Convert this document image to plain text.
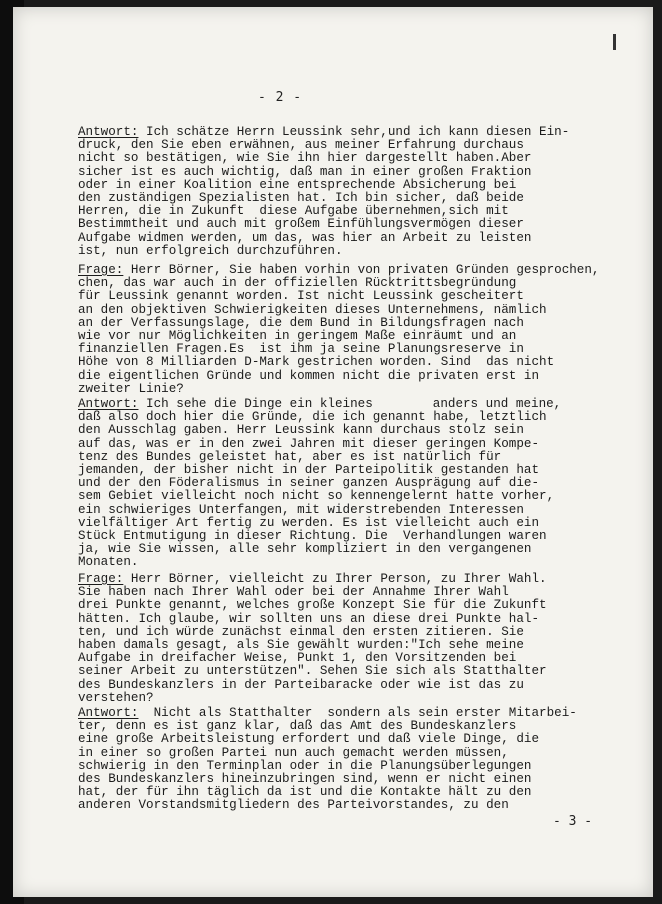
- 2 -
Antwort: Ich schätze Herrn Leussink sehr,und ich kann diesen Ein-
druck, den Sie eben erwähnen, aus meiner Erfahrung durchaus
nicht so bestätigen, wie Sie ihn hier dargestellt haben.Aber
sicher ist es auch wichtig, daß man in einer großen Fraktion
oder in einer Koalition eine entsprechende Absicherung bei
den zuständigen Spezialisten hat. Ich bin sicher, daß beide
Herren, die in Zukunft  diese Aufgabe übernehmen,sich mit
Bestimmtheit und auch mit großem Einfühlungsvermögen dieser
Aufgabe widmen werden, um das, was hier an Arbeit zu leisten
ist, nun erfolgreich durchzuführen.
Frage: Herr Börner, Sie haben vorhin von privaten Gründen gesprochen,
chen, das war auch in der offiziellen Rücktrittsbegründung
für Leussink genannt worden. Ist nicht Leussink gescheitert
an den objektiven Schwierigkeiten dieses Unternehmens, nämlich
an der Verfassungslage, die dem Bund in Bildungsfragen nach
wie vor nur Möglichkeiten in geringem Maße einräumt und an
finanziellen Fragen.Es  ist ihm ja seine Planungsreserve in
Höhe von 8 Milliarden D-Mark gestrichen worden. Sind  das nicht
die eigentlichen Gründe und kommen nicht die privaten erst in
zweiter Linie?
Antwort: Ich sehe die Dinge ein kleines	anders und meine,
daß also doch hier die Gründe, die ich genannt habe, letztlich
den Ausschlag gaben. Herr Leussink kann durchaus stolz sein
auf das, was er in den zwei Jahren mit dieser geringen Kompe-
tenz des Bundes geleistet hat, aber es ist natürlich für
jemanden, der bisher nicht in der Parteipolitik gestanden hat
und der den Föderalismus in seiner ganzen Ausprägung auf die-
sem Gebiet vielleicht noch nicht so kennengelernt hatte vorher,
ein schwieriges Unterfangen, mit widerstrebenden Interessen
vielfältiger Art fertig zu werden. Es ist vielleicht auch ein
Stück Entmutigung in dieser Richtung. Die  Verhandlungen waren
ja, wie Sie wissen, alle sehr kompliziert in den vergangenen
Monaten.
Frage: Herr Börner, vielleicht zu Ihrer Person, zu Ihrer Wahl.
Sie haben nach Ihrer Wahl oder bei der Annahme Ihrer Wahl
drei Punkte genannt, welches große Konzept Sie für die Zukunft
hätten. Ich glaube, wir sollten uns an diese drei Punkte hal-
ten, und ich würde zunächst einmal den ersten zitieren. Sie
haben damals gesagt, als Sie gewählt wurden:"Ich sehe meine
Aufgabe in dreifacher Weise, Punkt 1, den Vorsitzenden bei
seiner Arbeit zu unterstützen". Sehen Sie sich als Statthalter
des Bundeskanzlers in der Parteibaracke oder wie ist das zu
verstehen?
Antwort:  Nicht als Statthalter  sondern als sein erster Mitarbei-
ter, denn es ist ganz klar, daß das Amt des Bundeskanzlers
eine große Arbeitsleistung erfordert und daß viele Dinge, die
in einer so großen Partei nun auch gemacht werden müssen,
schwierig in den Terminplan oder in die Planungsüberlegungen
des Bundeskanzlers hineinzubringen sind, wenn er nicht einen
hat, der für ihn täglich da ist und die Kontakte hält zu den
anderen Vorstandsmitgliedern des Parteivorstandes, zu den
- 3 -
